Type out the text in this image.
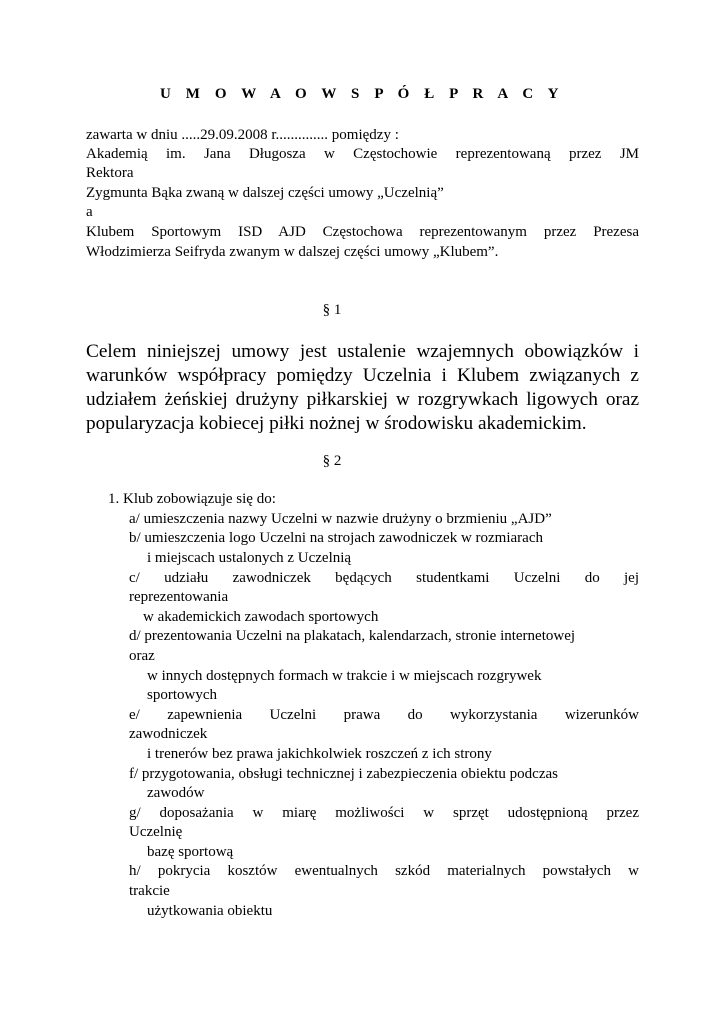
U M O W A O W S P Ó Ł P R A C Y
zawarta w dniu .....29.09.2008 r.............. pomiędzy :
Akademią im. Jana Długosza w Częstochowie reprezentowaną przez JM
Rektora
Zygmunta Bąka zwaną w dalszej części umowy „Uczelnią”
a
Klubem Sportowym ISD AJD Częstochowa reprezentowanym przez Prezesa
Włodzimierza Seifryda zwanym w dalszej części umowy „Klubem”.
§ 1
Celem niniejszej umowy jest ustalenie wzajemnych obowiązków i
warunków współpracy pomiędzy Uczelnia i Klubem związanych z
udziałem żeńskiej drużyny piłkarskiej w rozgrywkach ligowych oraz
popularyzacja kobiecej piłki nożnej w środowisku akademickim.
§ 2
1. Klub zobowiązuje się do:
a/ umieszczenia nazwy Uczelni w nazwie drużyny o brzmieniu „AJD”
b/ umieszczenia logo Uczelni na strojach zawodniczek w rozmiarach
i miejscach ustalonych z Uczelnią
c/ udziału zawodniczek będących studentkami Uczelni do jej
reprezentowania
w akademickich zawodach sportowych
d/ prezentowania Uczelni na plakatach, kalendarzach, stronie internetowej
oraz
w innych dostępnych formach w trakcie i w miejscach rozgrywek
sportowych
e/ zapewnienia Uczelni prawa do wykorzystania wizerunków
zawodniczek
i trenerów bez prawa jakichkolwiek roszczeń z ich strony
f/ przygotowania, obsługi technicznej i zabezpieczenia obiektu podczas
zawodów
g/ doposażania w miarę możliwości w sprzęt udostępnioną przez
Uczelnię
bazę sportową
h/ pokrycia kosztów ewentualnych szkód materialnych powstałych w
trakcie
użytkowania obiektu
